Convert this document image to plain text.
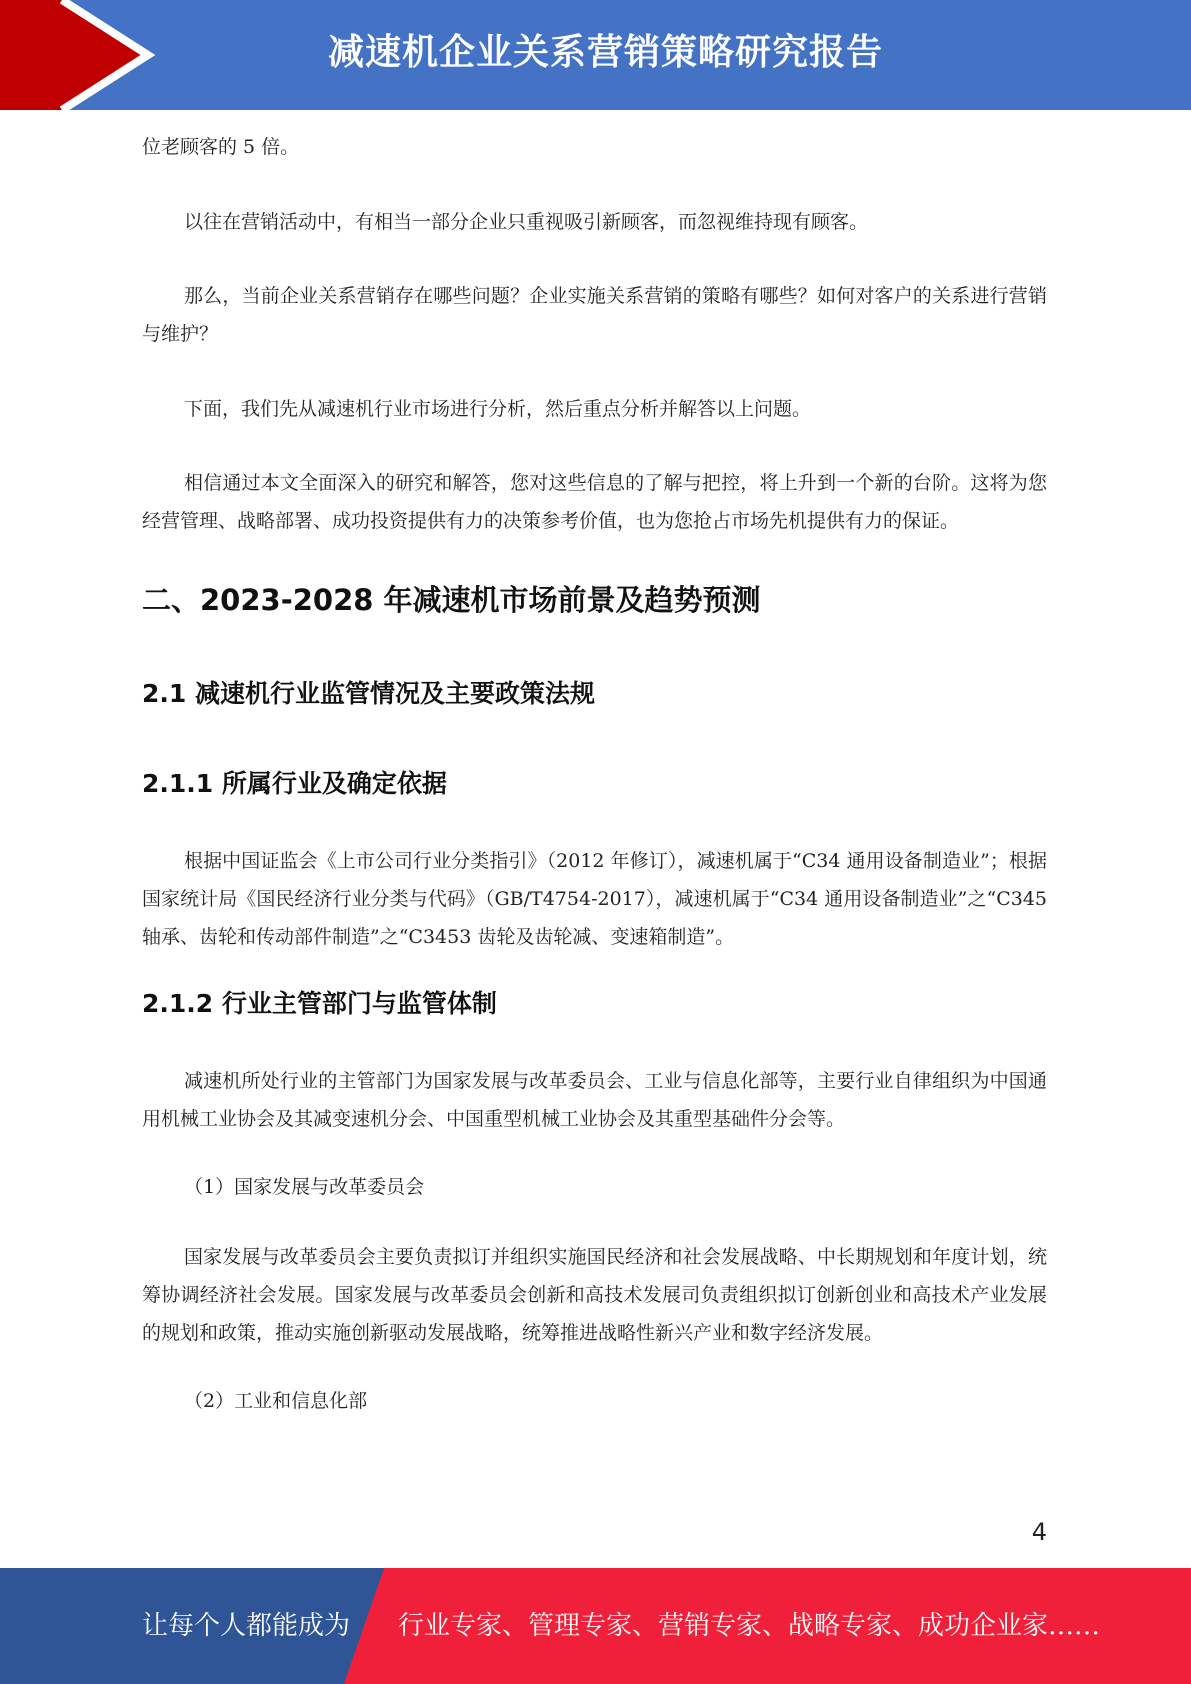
减速机企业关系营销策略研究报告

位老顾客的 5 倍。

以往在营销活动中，有相当一部分企业只重视吸引新顾客，而忽视维持现有顾客。

那么，当前企业关系营销存在哪些问题？企业实施关系营销的策略有哪些？如何对客户的关系进行营销与维护？

下面，我们先从减速机行业市场进行分析，然后重点分析并解答以上问题。

相信通过本文全面深入的研究和解答，您对这些信息的了解与把控，将上升到一个新的台阶。这将为您经营管理、战略部署、成功投资提供有力的决策参考价值，也为您抢占市场先机提供有力的保证。

二、2023-2028 年减速机市场前景及趋势预测
2.1 减速机行业监管情况及主要政策法规
2.1.1 所属行业及确定依据

根据中国证监会《上市公司行业分类指引》（2012 年修订），减速机属于“C34 通用设备制造业”；根据国家统计局《国民经济行业分类与代码》（GB/T4754-2017），减速机属于“C34 通用设备制造业”之“C345 轴承、齿轮和传动部件制造”之“C3453 齿轮及齿轮减、变速箱制造”。

2.1.2 行业主管部门与监管体制

减速机所处行业的主管部门为国家发展与改革委员会、工业与信息化部等，主要行业自律组织为中国通用机械工业协会及其减变速机分会、中国重型机械工业协会及其重型基础件分会等。

（1）国家发展与改革委员会

国家发展与改革委员会主要负责拟订并组织实施国民经济和社会发展战略、中长期规划和年度计划，统筹协调经济社会发展。国家发展与改革委员会创新和高技术发展司负责组织拟订创新创业和高技术产业发展的规划和政策，推动实施创新驱动发展战略，统筹推进战略性新兴产业和数字经济发展。

（2）工业和信息化部

4
让每个人都能成为 行业专家、管理专家、营销专家、战略专家、成功企业家……
